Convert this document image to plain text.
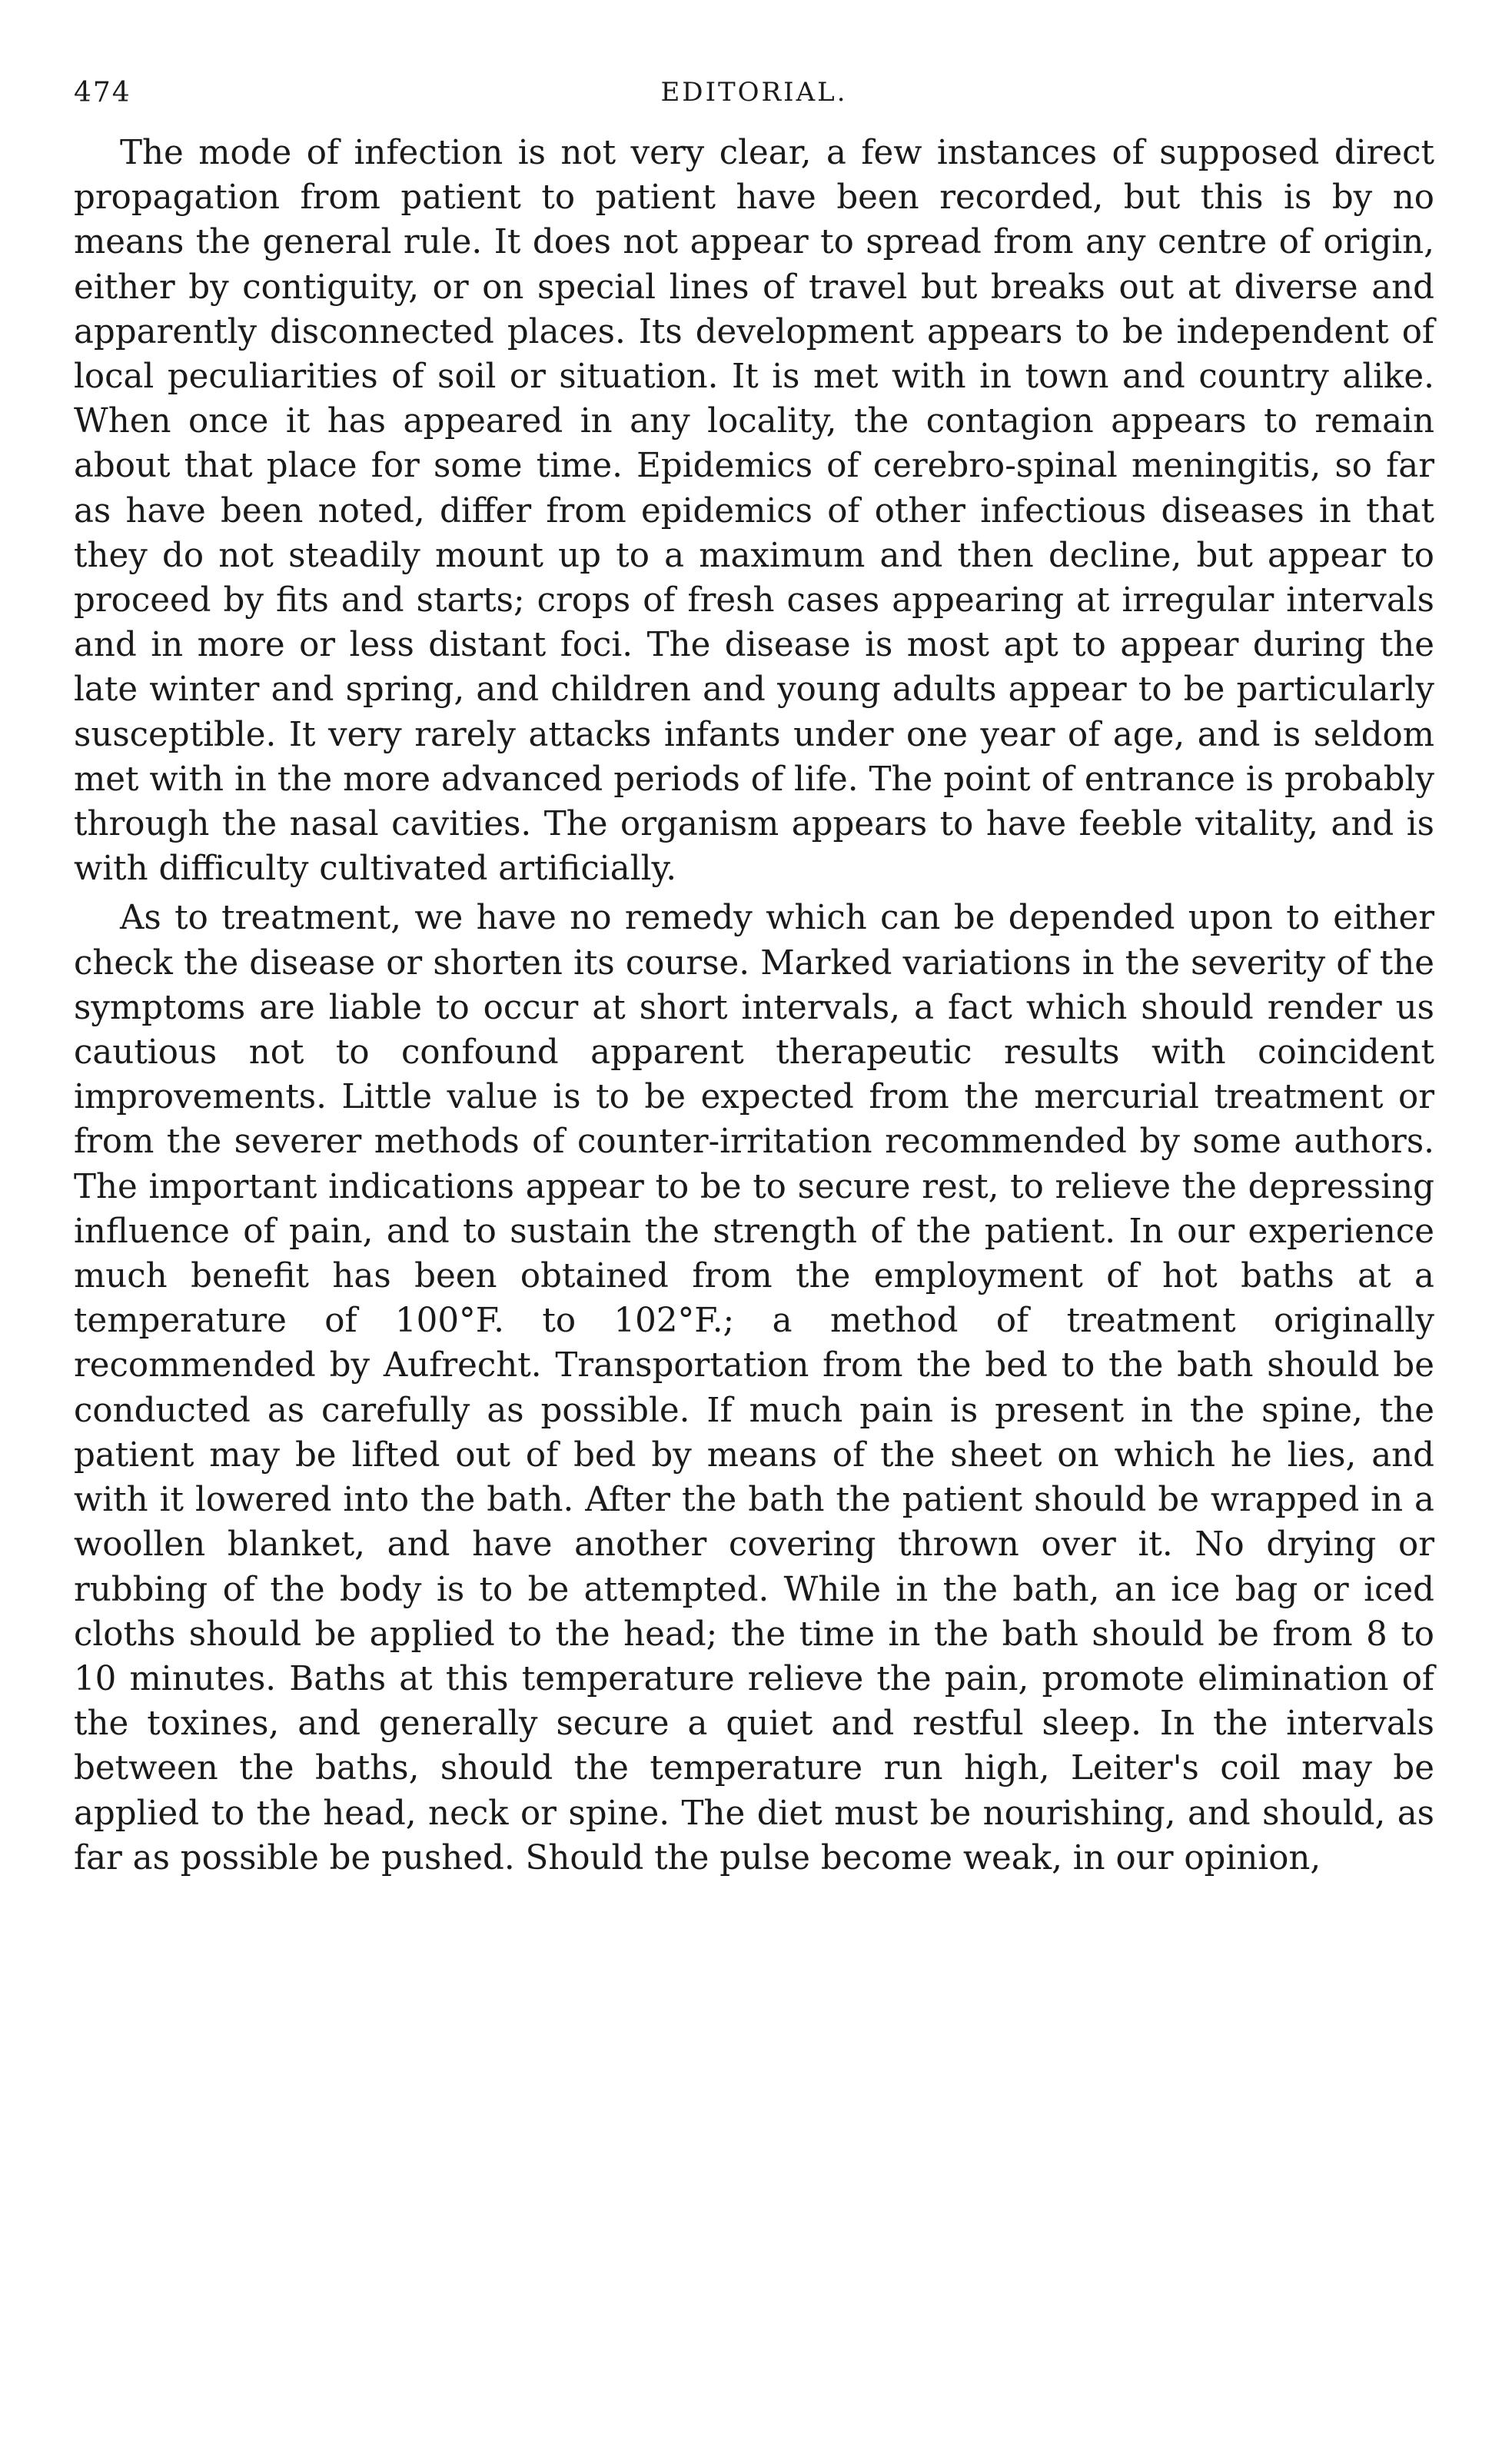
474	EDITORIAL.

The mode of infection is not very clear, a few instances of supposed direct propagation from patient to patient have been recorded, but this is by no means the general rule. It does not appear to spread from any centre of origin, either by contiguity, or on special lines of travel but breaks out at diverse and apparently disconnected places. Its development appears to be independent of local peculiarities of soil or situation. It is met with in town and country alike. When once it has appeared in any locality, the contagion appears to remain about that place for some time. Epidemics of cerebro-spinal meningitis, so far as have been noted, differ from epidemics of other infectious diseases in that they do not steadily mount up to a maximum and then decline, but appear to proceed by fits and starts; crops of fresh cases appearing at irregular intervals and in more or less distant foci. The disease is most apt to appear during the late winter and spring, and children and young adults appear to be particularly susceptible. It very rarely attacks infants under one year of age, and is seldom met with in the more advanced periods of life. The point of entrance is probably through the nasal cavities. The organism appears to have feeble vitality, and is with difficulty cultivated artificially.

As to treatment, we have no remedy which can be depended upon to either check the disease or shorten its course. Marked variations in the severity of the symptoms are liable to occur at short intervals, a fact which should render us cautious not to confound apparent therapeutic results with coincident improvements. Little value is to be expected from the mercurial treatment or from the severer methods of counter-irritation recommended by some authors. The important indications appear to be to secure rest, to relieve the depressing influence of pain, and to sustain the strength of the patient. In our experience much benefit has been obtained from the employment of hot baths at a temperature of 100°F. to 102°F.; a method of treatment originally recommended by Aufrecht. Transportation from the bed to the bath should be conducted as carefully as possible. If much pain is present in the spine, the patient may be lifted out of bed by means of the sheet on which he lies, and with it lowered into the bath. After the bath the patient should be wrapped in a woollen blanket, and have another covering thrown over it. No drying or rubbing of the body is to be attempted. While in the bath, an ice bag or iced cloths should be applied to the head; the time in the bath should be from 8 to 10 minutes. Baths at this temperature relieve the pain, promote elimination of the toxines, and generally secure a quiet and restful sleep. In the intervals between the baths, should the temperature run high, Leiter's coil may be applied to the head, neck or spine. The diet must be nourishing, and should, as far as possible be pushed. Should the pulse become weak, in our opinion,
